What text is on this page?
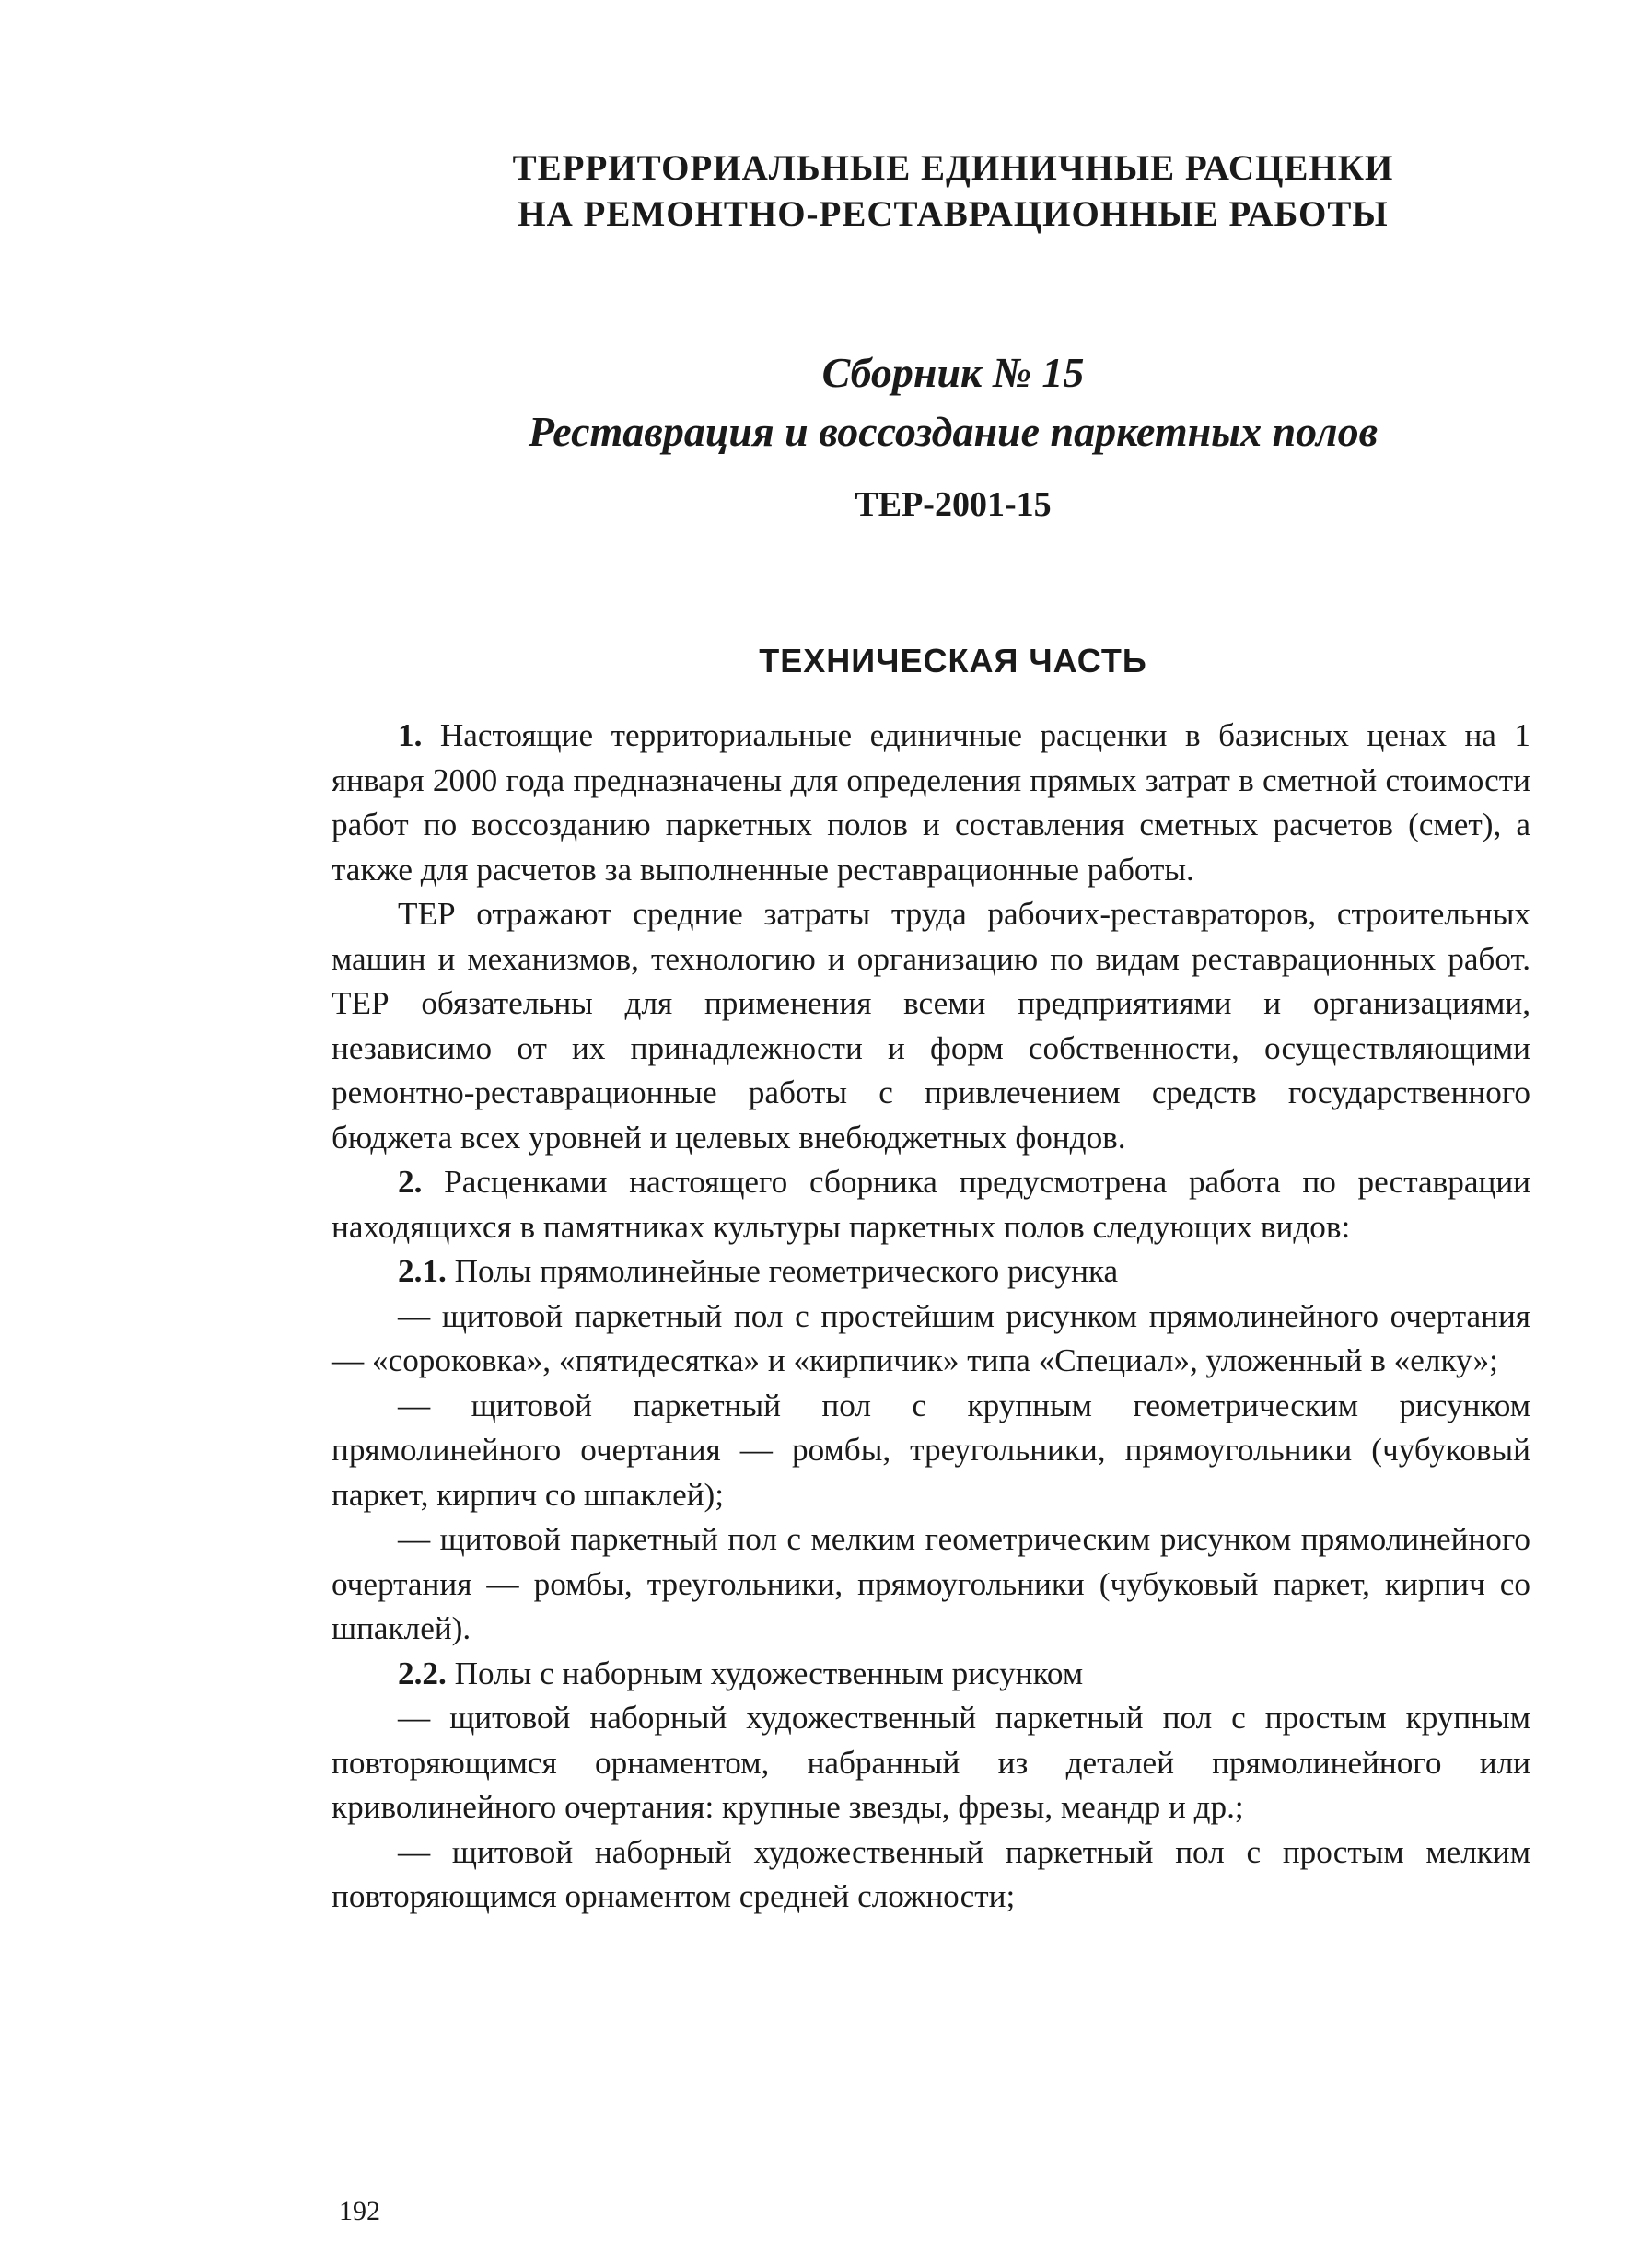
ТЕРРИТОРИАЛЬНЫЕ ЕДИНИЧНЫЕ РАСЦЕНКИ
НА РЕМОНТНО-РЕСТАВРАЦИОННЫЕ РАБОТЫ
Сборник № 15
Реставрация и воссоздание паркетных полов
ТЕР-2001-15
ТЕХНИЧЕСКАЯ ЧАСТЬ

1. Настоящие территориальные единичные расценки в базисных ценах на 1 января 2000 года предназначены для определения прямых затрат в сметной стоимости работ по воссозданию паркетных полов и составления сметных расчетов (смет), а также для расчетов за выполненные реставрационные работы.

ТЕР отражают средние затраты труда рабочих-реставраторов, строительных машин и механизмов, технологию и организацию по видам реставрационных работ. ТЕР обязательны для применения всеми предприятиями и организациями, независимо от их принадлежности и форм собственности, осуществляющими ремонтно-реставрационные работы с привлечением средств государственного бюджета всех уровней и целевых внебюджетных фондов.

2. Расценками настоящего сборника предусмотрена работа по реставрации находящихся в памятниках культуры паркетных полов следующих видов:

2.1. Полы прямолинейные геометрического рисунка

— щитовой паркетный пол с простейшим рисунком прямолинейного очертания — «сороковка», «пятидесятка» и «кирпичик» типа «Специал», уложенный в «елку»;

— щитовой паркетный пол с крупным геометрическим рисунком прямолинейного очертания — ромбы, треугольники, прямоугольники (чубуковый паркет, кирпич со шпаклей);

— щитовой паркетный пол с мелким геометрическим рисунком прямолинейного очертания — ромбы, треугольники, прямоугольники (чубуковый паркет, кирпич со шпаклей).

2.2. Полы с наборным художественным рисунком

— щитовой наборный художественный паркетный пол с простым крупным повторяющимся орнаментом, набранный из деталей прямолинейного или криволинейного очертания: крупные звезды, фрезы, меандр и др.;

— щитовой наборный художественный паркетный пол с простым мелким повторяющимся орнаментом средней сложности;

192
